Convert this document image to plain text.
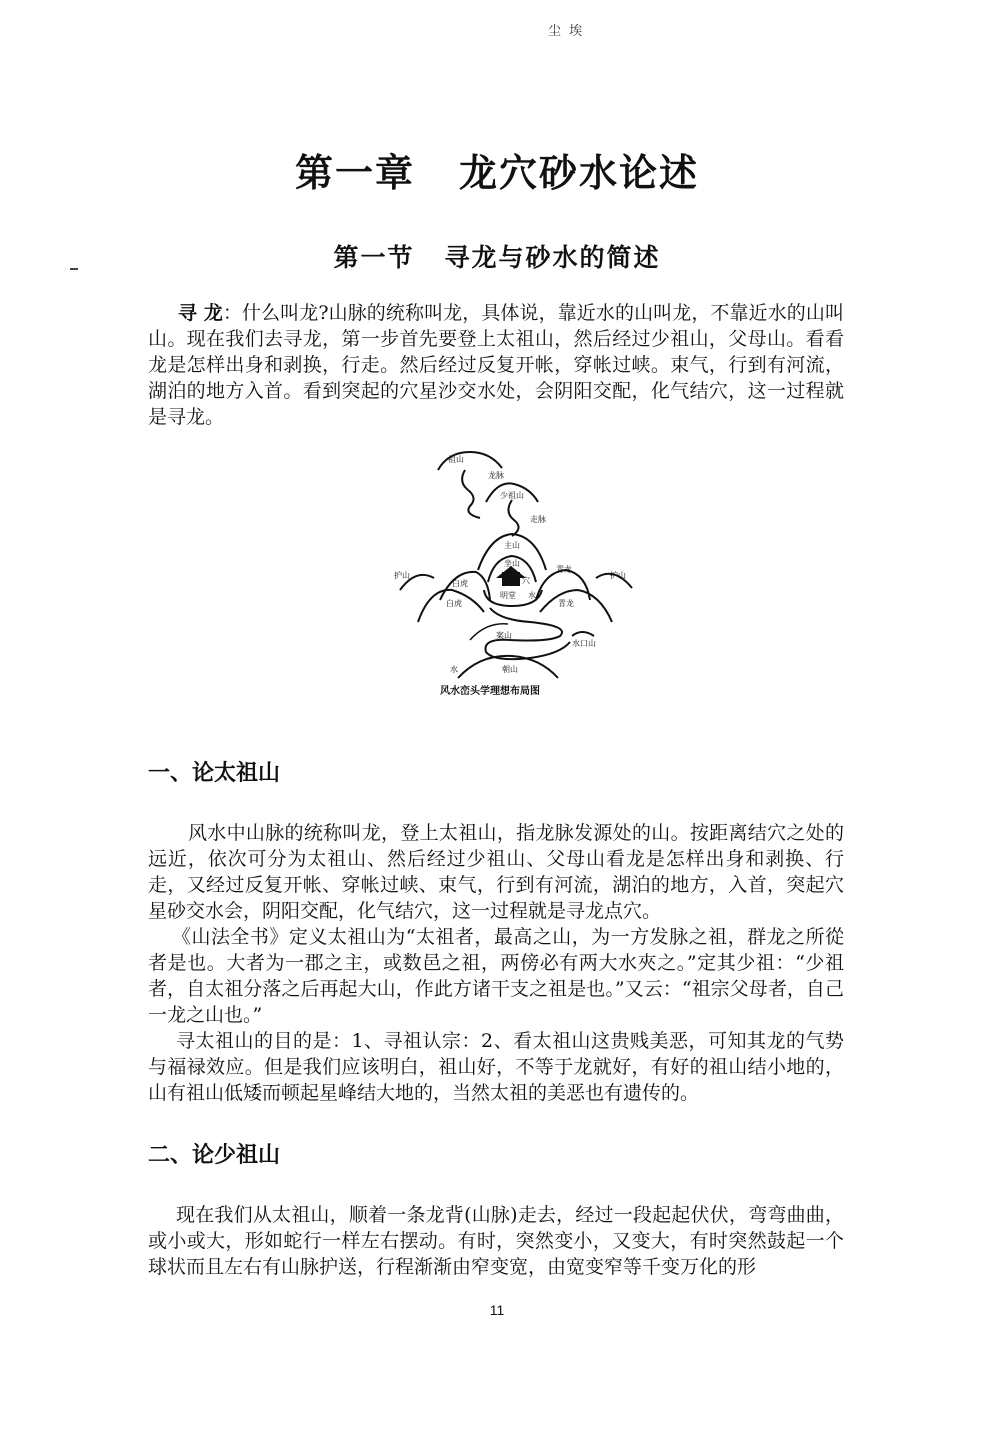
尘 埃
第一章 龙穴砂水论述
第一节 寻龙与砂水的简述

寻 龙：什么叫龙?山脉的统称叫龙，具体说，靠近水的山叫龙，不靠近水的山叫山。现在我们去寻龙，第一步首先要登上太祖山，然后经过少祖山，父母山。看看龙是怎样出身和剥换，行走。然后经过反复开帐，穿帐过峡。束气，行到有河流，湖泊的地方入首。看到突起的穴星沙交水处，会阴阳交配，化气结穴，这一过程就是寻龙。

祖山
龙脉
少祖山
走脉
主山
坐山
穴
明堂 水
白虎
白虎
青龙
青龙
护山	护山
案山
水口山
朝山
水
风水峦头学理想布局图
一、论太祖山

风水中山脉的统称叫龙，登上太祖山，指龙脉发源处的山。按距离结穴之处的远近，依次可分为太祖山、然后经过少祖山、父母山看龙是怎样出身和剥换、行走，又经过反复开帐、穿帐过峡、束气，行到有河流，湖泊的地方，入首，突起穴星砂交水会，阴阳交配，化气结穴，这一过程就是寻龙点穴。

《山法全书》定义太祖山为“太祖者，最高之山，为一方发脉之祖，群龙之所從者是也。大者为一郡之主，或数邑之祖，两傍必有两大水夾之。”定其少祖：“少祖者，自太祖分落之后再起大山，作此方诸干支之祖是也。”又云：“祖宗父母者，自己一龙之山也。”

寻太祖山的目的是：1、寻祖认宗：2、看太祖山这贵贱美恶，可知其龙的气势与福禄效应。但是我们应该明白，祖山好，不等于龙就好，有好的祖山结小地的，山有祖山低矮而顿起星峰结大地的，当然太祖的美恶也有遗传的。

二、论少祖山

现在我们从太祖山，顺着一条龙背(山脉)走去，经过一段起起伏伏，弯弯曲曲，或小或大，形如蛇行一样左右摆动。有时，突然变小，又变大，有时突然鼓起一个球状而且左右有山脉护送，行程渐渐由窄变宽，由宽变窄等千变万化的形

11
